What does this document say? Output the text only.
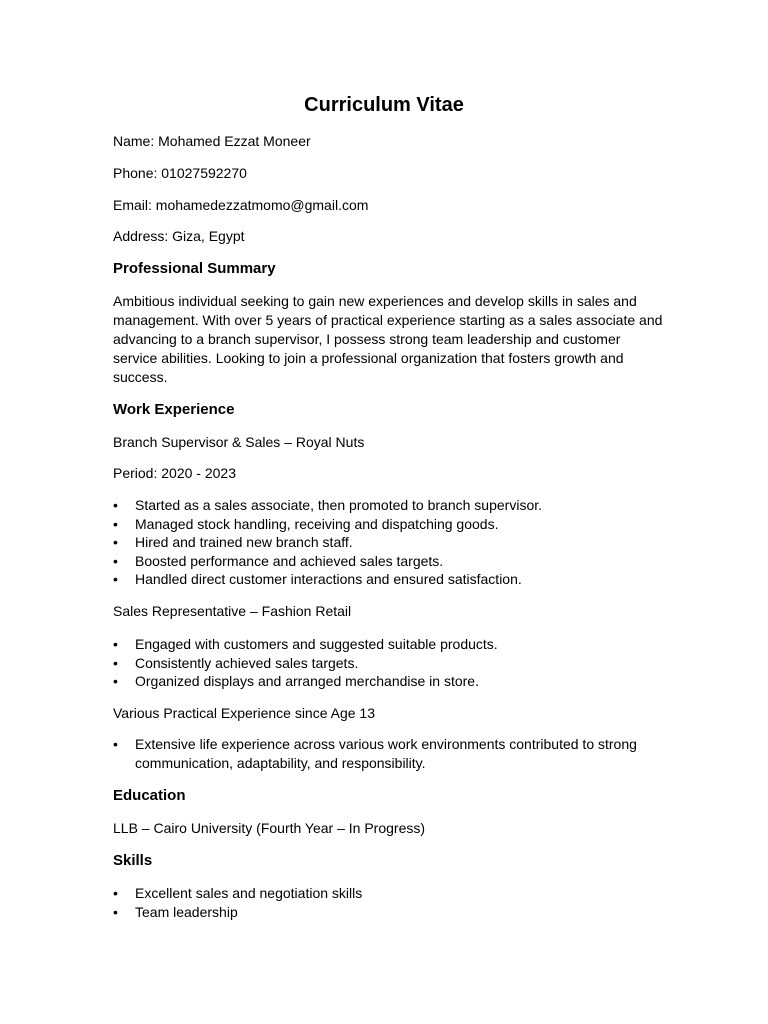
Curriculum Vitae

Name: Mohamed Ezzat Moneer

Phone: 01027592270

Email: mohamedezzatmomo@gmail.com

Address: Giza, Egypt

Professional Summary
Ambitious individual seeking to gain new experiences and develop skills in sales and
management. With over 5 years of practical experience starting as a sales associate and
advancing to a branch supervisor, I possess strong team leadership and customer
service abilities. Looking to join a professional organization that fosters growth and
success.
Work Experience

Branch Supervisor & Sales – Royal Nuts

Period: 2020 - 2023

• Started as a sales associate, then promoted to branch supervisor.
• Managed stock handling, receiving and dispatching goods.
• Hired and trained new branch staff.
• Boosted performance and achieved sales targets.
• Handled direct customer interactions and ensured satisfaction.

Sales Representative – Fashion Retail

• Engaged with customers and suggested suitable products.
• Consistently achieved sales targets.
• Organized displays and arranged merchandise in store.

Various Practical Experience since Age 13

• Extensive life experience across various work environments contributed to strong
communication, adaptability, and responsibility.
Education

LLB – Cairo University (Fourth Year – In Progress)

Skills
• Excellent sales and negotiation skills
• Team leadership
